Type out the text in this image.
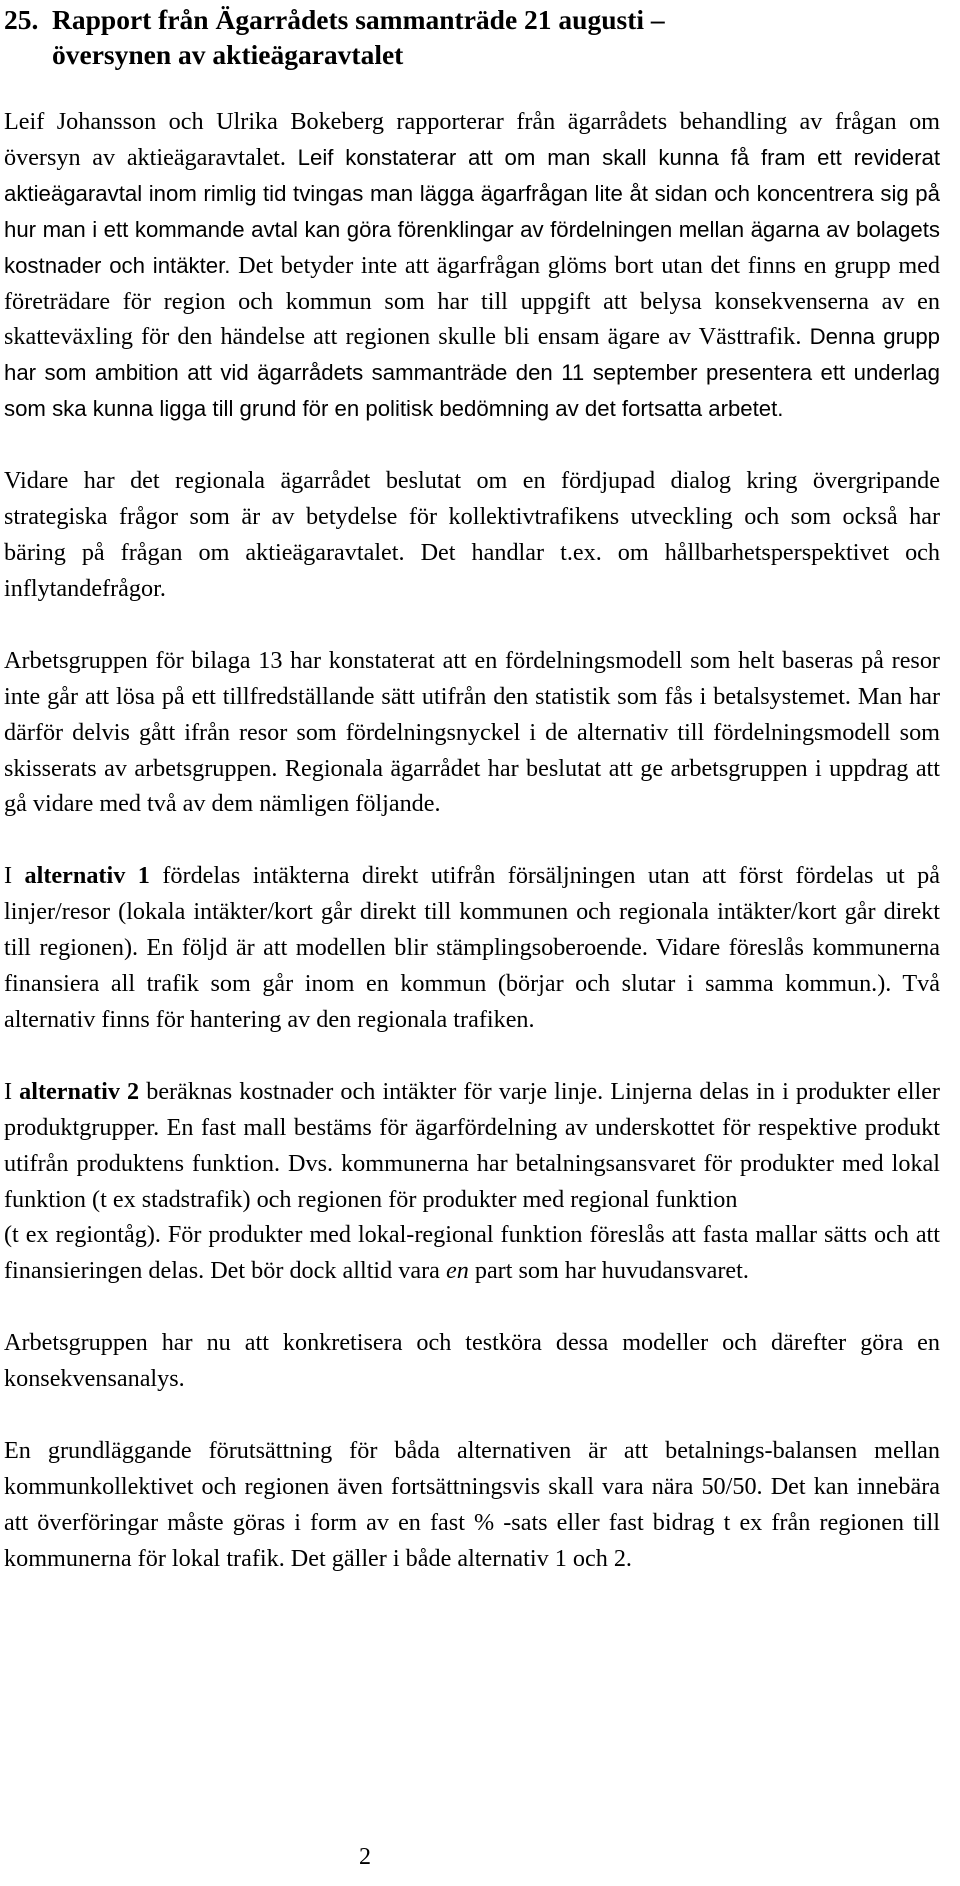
25. Rapport från Ägarrådets sammanträde 21 augusti –
översynen av aktieägaravtalet

Leif Johansson och Ulrika Bokeberg rapporterar från ägarrådets behandling av frågan om översyn av aktieägaravtalet. Leif konstaterar att om man skall kunna få fram ett reviderat aktieägaravtal inom rimlig tid tvingas man lägga ägarfrågan lite åt sidan och koncentrera sig på hur man i ett kommande avtal kan göra förenklingar av fördelningen mellan ägarna av bolagets kostnader och intäkter. Det betyder inte att ägarfrågan glöms bort utan det finns en grupp med företrädare för region och kommun som har till uppgift att belysa konsekvenserna av en skatteväxling för den händelse att regionen skulle bli ensam ägare av Västtrafik. Denna grupp har som ambition att vid ägarrådets sammanträde den 11 september presentera ett underlag som ska kunna ligga till grund för en politisk bedömning av det fortsatta arbetet.

Vidare har det regionala ägarrådet beslutat om en fördjupad dialog kring övergripande strategiska frågor som är av betydelse för kollektivtrafikens utveckling och som också har bäring på frågan om aktieägaravtalet. Det handlar t.ex. om hållbarhetsperspektivet och inflytandefrågor.

Arbetsgruppen för bilaga 13 har konstaterat att en fördelningsmodell som helt baseras på resor inte går att lösa på ett tillfredställande sätt utifrån den statistik som fås i betalsystemet. Man har därför delvis gått ifrån resor som fördelningsnyckel i de alternativ till fördelningsmodell som skisserats av arbetsgruppen. Regionala ägarrådet har beslutat att ge arbetsgruppen i uppdrag att gå vidare med två av dem nämligen följande.

I alternativ 1 fördelas intäkterna direkt utifrån försäljningen utan att först fördelas ut på linjer/resor (lokala intäkter/kort går direkt till kommunen och regionala intäkter/kort går direkt till regionen). En följd är att modellen blir stämplingsoberoende. Vidare föreslås kommunerna finansiera all trafik som går inom en kommun (börjar och slutar i samma kommun.). Två alternativ finns för hantering av den regionala trafiken.

I alternativ 2 beräknas kostnader och intäkter för varje linje. Linjerna delas in i produkter eller produktgrupper. En fast mall bestäms för ägarfördelning av underskottet för respektive produkt utifrån produktens funktion. Dvs. kommunerna har betalningsansvaret för produkter med lokal funktion (t ex stadstrafik) och regionen för produkter med regional funktion
(t ex regiontåg). För produkter med lokal-regional funktion föreslås att fasta mallar sätts och att finansieringen delas. Det bör dock alltid vara en part som har huvudansvaret.

Arbetsgruppen har nu att konkretisera och testköra dessa modeller och därefter göra en konsekvensanalys.

En grundläggande förutsättning för båda alternativen är att betalnings-balansen mellan kommunkollektivet och regionen även fortsättningsvis skall vara nära 50/50. Det kan innebära att överföringar måste göras i form av en fast % -sats eller fast bidrag t ex från regionen till kommunerna för lokal trafik. Det gäller i både alternativ 1 och 2.

2
